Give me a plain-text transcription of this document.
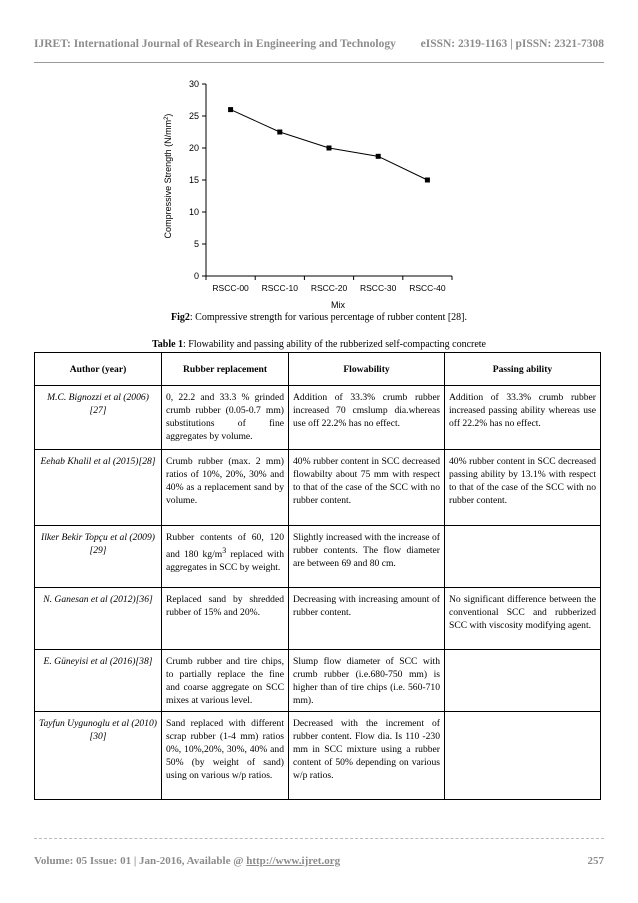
IJRET: International Journal of Research in Engineering and Technology eISSN: 2319-1163 | pISSN: 2321-7308
0
5
10
15
20
25
30
RSCC-00 RSCC-10 RSCC-20 RSCC-30 RSCC-40
Mix
Compressive Strength $(N/mm^2)$
Fig2: Compressive strength for various percentage of rubber content [28].
Table 1: Flowability and passing ability of the rubberized self-compacting concrete
Author (year)	Rubber replacement	Flowability	Passing ability
M.C. Bignozzi et al (2006) [27]	0, 22.2 and 33.3 % grinded crumb rubber (0.05-0.7 mm) substitutions of fine aggregates by volume.	Addition of 33.3% crumb rubber increased 70 cmslump dia.whereas use off 22.2% has no effect.	Addition of 33.3% crumb rubber increased passing ability whereas use off 22.2% has no effect.
Eehab Khalil et al (2015)[28]	Crumb rubber (max. 2 mm) ratios of 10%, 20%, 30% and 40% as a replacement sand by volume.	40% rubber content in SCC decreased flowabilty about 75 mm with respect to that of the case of the SCC with no rubber content.	40% rubber content in SCC decreased passing ability by 13.1% with respect to that of the case of the SCC with no rubber content.
Ilker Bekir Topçu et al (2009)[29]	Rubber contents of 60, 120 and 180 $kg/m^3$ replaced with aggregates in SCC by weight.	Slightly increased with the increase of rubber contents. The flow diameter are between 69 and 80 cm.	
N. Ganesan et al (2012)[36]	Replaced sand by shredded rubber of 15% and 20%.	Decreasing with increasing amount of rubber content.	No significant difference between the conventional SCC and rubberized SCC with viscosity modifying agent.
E. Güneyisi et al (2016)[38]	Crumb rubber and tire chips, to partially replace the fine and coarse aggregate on SCC mixes at various level.	Slump flow diameter of SCC with crumb rubber (i.e.680-750 mm) is higher than of tire chips (i.e. 560-710 mm).	
Tayfun Uygunoglu et al (2010)[30]	Sand replaced with different scrap rubber (1-4 mm) ratios 0%, 10%,20%, 30%, 40% and 50% (by weight of sand) using on various w/p ratios.	Decreased with the increment of rubber content. Flow dia. Is 110 -230 mm in SCC mixture using a rubber content of 50% depending on various w/p ratios.	
Volume: 05 Issue: 01 | Jan-2016, Available @ http://www.ijret.org	257
